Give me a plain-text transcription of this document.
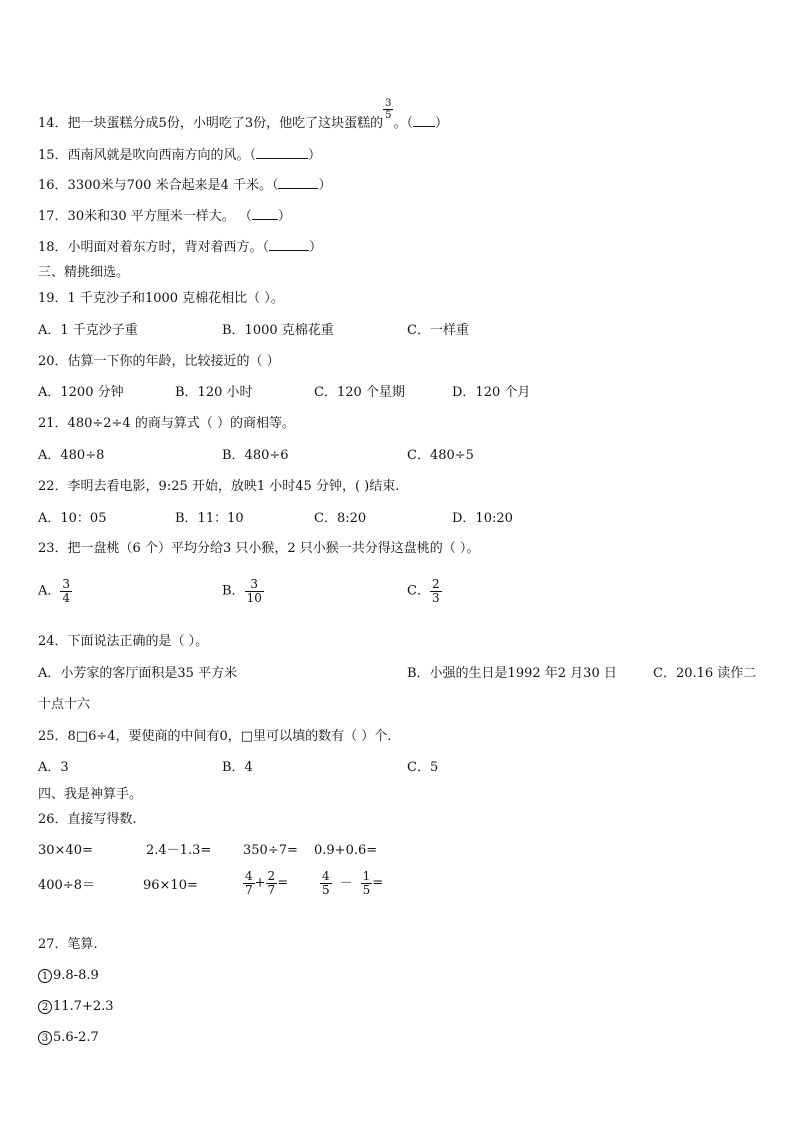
14．把一块蛋糕分成5份，小明吃了3份，他吃了这块蛋糕的
$\frac{3}{5}$
。（ ）
15．西南风就是吹向西南方向的风。（	）
16．3300米与700 米合起来是4 千米。（	）
17．30米和30 平方厘米一样大。 （ ）
18．小明面对着东方时，背对着西方。（	）
三、精挑细选。
19．1 千克沙子和1000 克棉花相比（ ）。
A．1 千克沙子重	B．1000 克棉花重	C．一样重
20．估算一下你的年龄，比较接近的（ ）
A．1200 分钟	B．120 小时	C．120 个星期	D．120 个月
21．480÷2÷4 的商与算式（ ）的商相等。
A．480÷8	B．480÷6	C．480÷5
22．李明去看电影，9:25 开始，放映1 小时45 分钟，( )结束.
A．10：05	B．11：10	C．8:20	D．10:20
23．把一盘桃（6 个）平均分给3 只小猴，2 只小猴一共分得这盘桃的（ ）。
A． $\frac{3}{4}$	B． $\frac{3}{10}$	C． $\frac{2}{3}$
24．下面说法正确的是（ ）。
A．小芳家的客厅面积是35 平方米	B．小强的生日是1992 年2 月30 日	C．20.16 读作二
十点十六
25．8□6÷4，要使商的中间有0，□里可以填的数有（ ）个.
A．3	B．4	C．5
四、我是神算手。
26．直接写得数.
30×40=	2.4－1.3= 350÷7= 0.9+0.6=
400÷8＝	96×10=	$\frac{4}{7} + \frac{2}{7}$ =	$\frac{4}{5} - \frac{1}{5}$ =
27．笔算.
1 9.8-8.9
2 11.7+2.3
3 5.6-2.7
